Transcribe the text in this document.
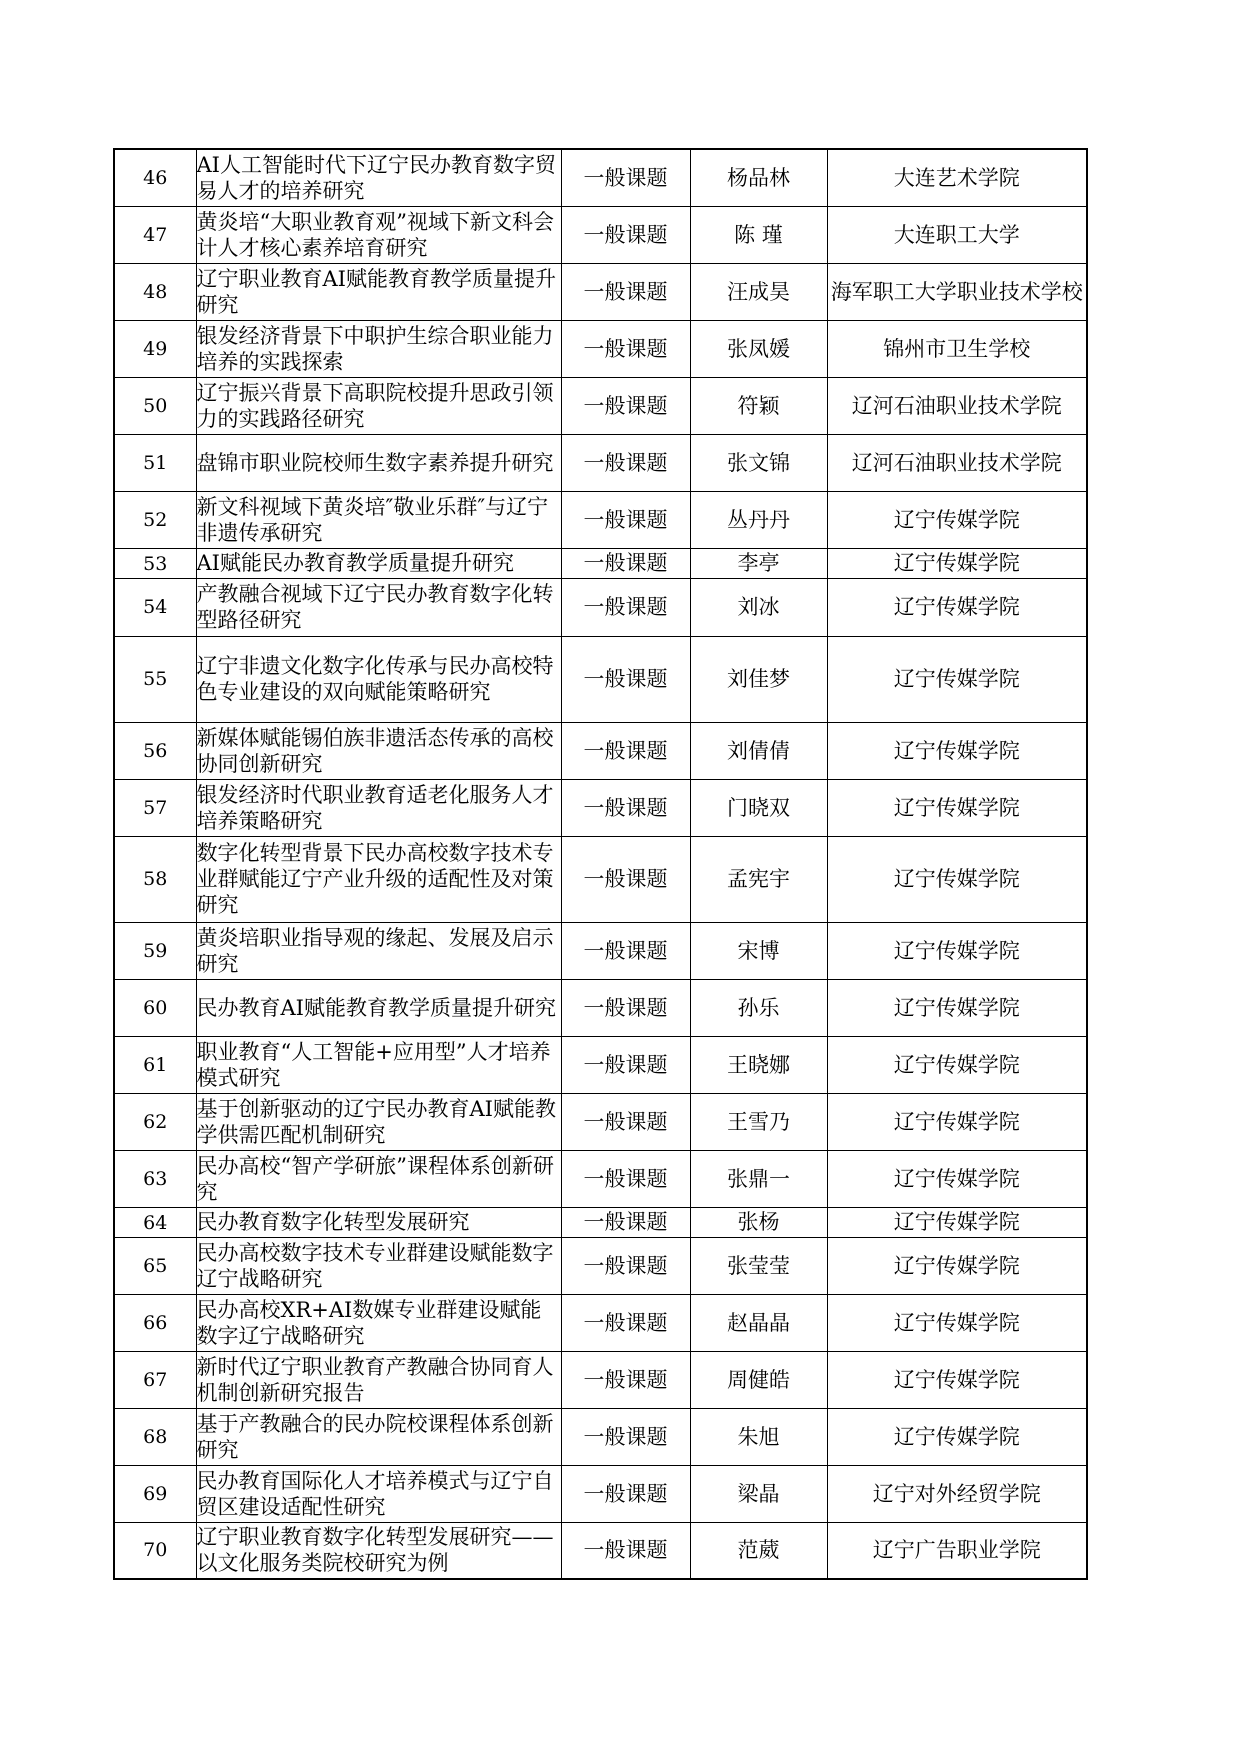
46	AI人工智能时代下辽宁民办教育数字贸易人才的培养研究	一般课题	杨品林	大连艺术学院
47	黄炎培“大职业教育观”视域下新文科会计人才核心素养培育研究	一般课题	陈 瑾	大连职工大学
48	辽宁职业教育AI赋能教育教学质量提升研究	一般课题	汪成昊	海军职工大学职业技术学校
49	银发经济背景下中职护生综合职业能力培养的实践探索	一般课题	张凤媛	锦州市卫生学校
50	辽宁振兴背景下高职院校提升思政引领力的实践路径研究	一般课题	符颖	辽河石油职业技术学院
51	盘锦市职业院校师生数字素养提升研究	一般课题	张文锦	辽河石油职业技术学院
52	新文科视域下黄炎培″敬业乐群″与辽宁非遗传承研究	一般课题	丛丹丹	辽宁传媒学院
53	AI赋能民办教育教学质量提升研究	一般课题	李亭	辽宁传媒学院
54	产教融合视域下辽宁民办教育数字化转型路径研究	一般课题	刘冰	辽宁传媒学院
55	辽宁非遗文化数字化传承与民办高校特色专业建设的双向赋能策略研究	一般课题	刘佳梦	辽宁传媒学院
56	新媒体赋能锡伯族非遗活态传承的高校协同创新研究	一般课题	刘倩倩	辽宁传媒学院
57	银发经济时代职业教育适老化服务人才培养策略研究	一般课题	门晓双	辽宁传媒学院
58	数字化转型背景下民办高校数字技术专业群赋能辽宁产业升级的适配性及对策研究	一般课题	孟宪宇	辽宁传媒学院
59	黄炎培职业指导观的缘起、发展及启示研究	一般课题	宋博	辽宁传媒学院
60	民办教育AI赋能教育教学质量提升研究	一般课题	孙乐	辽宁传媒学院
61	职业教育“人工智能+应用型”人才培养模式研究	一般课题	王晓娜	辽宁传媒学院
62	基于创新驱动的辽宁民办教育AI赋能教学供需匹配机制研究	一般课题	王雪乃	辽宁传媒学院
63	民办高校“智产学研旅”课程体系创新研究	一般课题	张鼎一	辽宁传媒学院
64	民办教育数字化转型发展研究	一般课题	张杨	辽宁传媒学院
65	民办高校数字技术专业群建设赋能数字辽宁战略研究	一般课题	张莹莹	辽宁传媒学院
66	民办高校XR+AI数媒专业群建设赋能数字辽宁战略研究	一般课题	赵晶晶	辽宁传媒学院
67	新时代辽宁职业教育产教融合协同育人机制创新研究报告	一般课题	周健皓	辽宁传媒学院
68	基于产教融合的民办院校课程体系创新研究	一般课题	朱旭	辽宁传媒学院
69	民办教育国际化人才培养模式与辽宁自贸区建设适配性研究	一般课题	梁晶	辽宁对外经贸学院
70	辽宁职业教育数字化转型发展研究——以文化服务类院校研究为例	一般课题	范葳	辽宁广告职业学院
